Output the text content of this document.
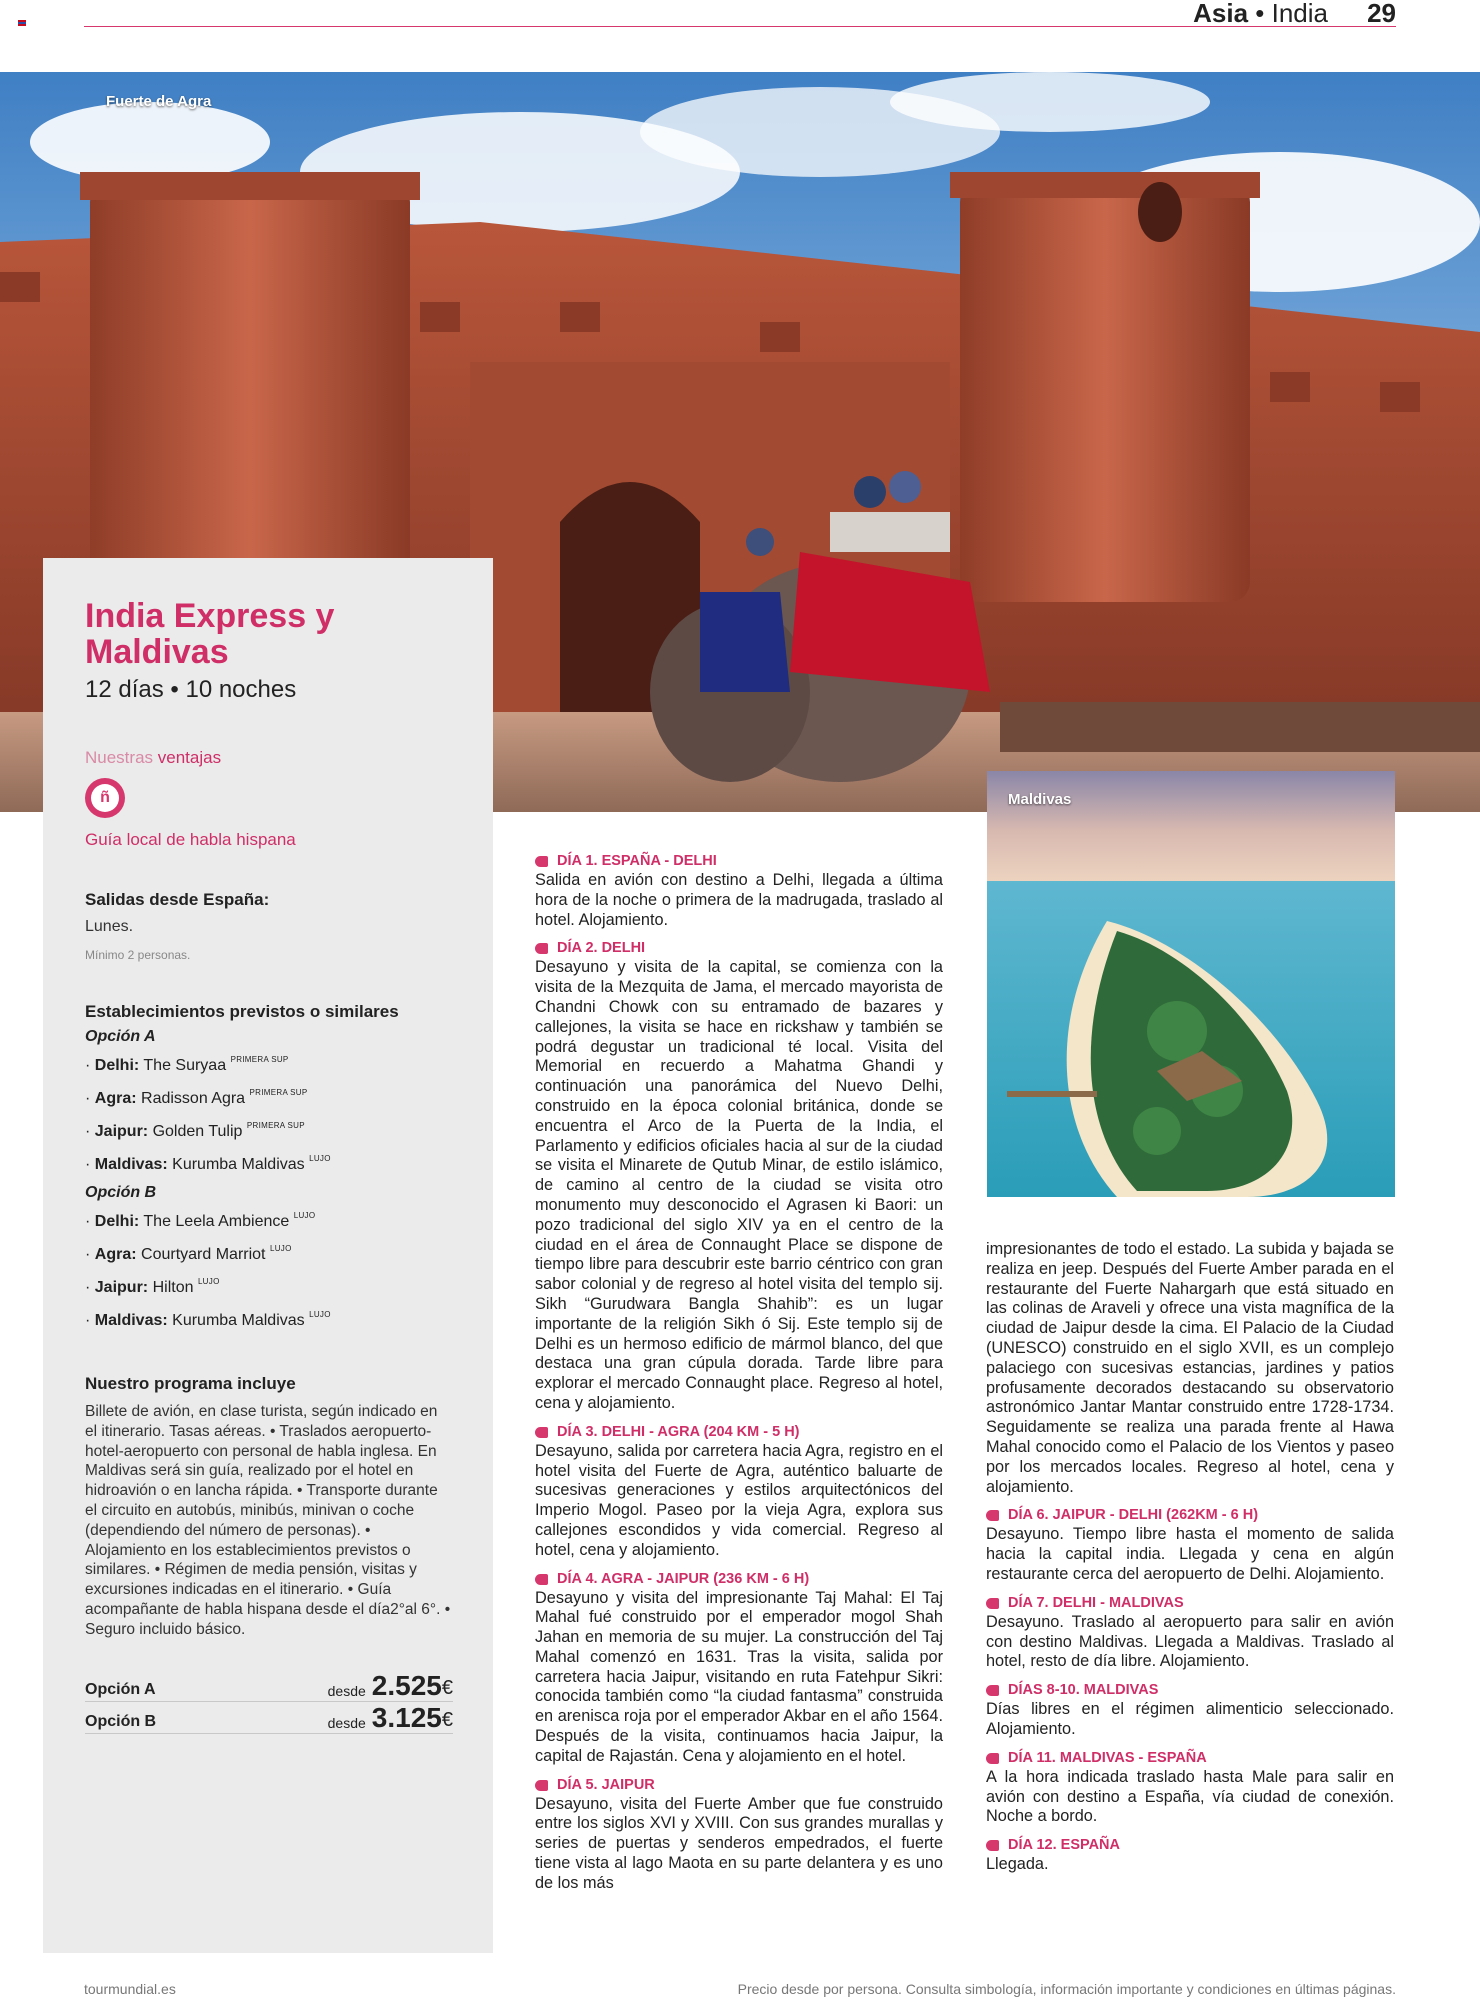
Asia • India 29
Fuerte de Agra
India Express y Maldivas
12 días • 10 noches
Nuestras ventajas
ñ
Guía local de habla hispana
Salidas desde España:
Lunes.
Mínimo 2 personas.
Establecimientos previstos o similares
Opción A
· Delhi: The Suryaa $^{PRIMERA SUP}$
· Agra: Radisson Agra $^{PRIMERA SUP}$
· Jaipur: Golden Tulip $^{PRIMERA SUP}$
· Maldivas: Kurumba Maldivas $^{LUJO}$
Opción B
· Delhi: The Leela Ambience $^{LUJO}$
· Agra: Courtyard Marriot $^{LUJO}$
· Jaipur: Hilton $^{LUJO}$
· Maldivas: Kurumba Maldivas $^{LUJO}$
Nuestro programa incluye
Billete de avión, en clase turista, según indicado en el itinerario. Tasas aéreas. • Traslados aeropuerto-hotel-aeropuerto con personal de habla inglesa. En Maldivas será sin guía, realizado por el hotel en hidroavión o en lancha rápida. • Transporte durante el circuito en autobús, minibús, minivan o coche (dependiendo del número de personas). • Alojamiento en los establecimientos previstos o similares. • Régimen de media pensión, visitas y excursiones indicadas en el itinerario. • Guía acompañante de habla hispana desde el día2°al 6°. • Seguro incluido básico.
Opción A	desde 2.525 €
Opción B	desde 3.125 €
Maldivas
DÍA 1. ESPAÑA - DELHI
Salida en avión con destino a Delhi, llegada a última hora de la noche o primera de la madrugada, traslado al hotel. Alojamiento.
DÍA 2. DELHI
Desayuno y visita de la capital, se comienza con la visita de la Mezquita de Jama, el mercado mayorista de Chandni Chowk con su entramado de bazares y callejones, la visita se hace en rickshaw y también se podrá degustar un tradicional té local. Visita del Memorial en recuerdo a Mahatma Ghandi y continuación una panorámica del Nuevo Delhi, construido en la época colonial británica, donde se encuentra el Arco de la Puerta de la India, el Parlamento y edificios oficiales hacia al sur de la ciudad se visita el Minarete de Qutub Minar, de estilo islámico, de camino al centro de la ciudad se visita otro monumento muy desconocido el Agrasen ki Baori: un pozo tradicional del siglo XIV ya en el centro de la ciudad en el área de Connaught Place se dispone de tiempo libre para descubrir este barrio céntrico con gran sabor colonial y de regreso al hotel visita del templo sij. Sikh “Gurudwara Bangla Shahib”: es un lugar importante de la religión Sikh ó Sij. Este templo sij de Delhi es un hermoso edificio de mármol blanco, del que destaca una gran cúpula dorada. Tarde libre para explorar el mercado Connaught place. Regreso al hotel, cena y alojamiento.
DÍA 3. DELHI - AGRA (204 KM - 5 H)
Desayuno, salida por carretera hacia Agra, registro en el hotel visita del Fuerte de Agra, auténtico baluarte de sucesivas generaciones y estilos arquitectónicos del Imperio Mogol. Paseo por la vieja Agra, explora sus callejones escondidos y vida comercial. Regreso al hotel, cena y alojamiento.
DÍA 4. AGRA - JAIPUR (236 KM - 6 H)
Desayuno y visita del impresionante Taj Mahal: El Taj Mahal fué construido por el emperador mogol Shah Jahan en memoria de su mujer. La construcción del Taj Mahal comenzó en 1631. Tras la visita, salida por carretera hacia Jaipur, visitando en ruta Fatehpur Sikri: conocida también como “la ciudad fantasma” construida en arenisca roja por el emperador Akbar en el año 1564. Después de la visita, continuamos hacia Jaipur, la capital de Rajastán. Cena y alojamiento en el hotel.
DÍA 5. JAIPUR
Desayuno, visita del Fuerte Amber que fue construido entre los siglos XVI y XVIII. Con sus grandes murallas y series de puertas y senderos empedrados, el fuerte tiene vista al lago Maota en su parte delantera y es uno de los más
impresionantes de todo el estado. La subida y bajada se realiza en jeep. Después del Fuerte Amber parada en el restaurante del Fuerte Nahargarh que está situado en las colinas de Araveli y ofrece una vista magnífica de la ciudad de Jaipur desde la cima. El Palacio de la Ciudad (UNESCO) construido en el siglo XVII, es un complejo palaciego con sucesivas estancias, jardines y patios profusamente decorados destacando su observatorio astronómico Jantar Mantar construido entre 1728-1734. Seguidamente se realiza una parada frente al Hawa Mahal conocido como el Palacio de los Vientos y paseo por los mercados locales. Regreso al hotel, cena y alojamiento.
DÍA 6. JAIPUR - DELHI (262KM - 6 H)
Desayuno. Tiempo libre hasta el momento de salida hacia la capital india. Llegada y cena en algún restaurante cerca del aeropuerto de Delhi. Alojamiento.
DÍA 7. DELHI - MALDIVAS
Desayuno. Traslado al aeropuerto para salir en avión con destino Maldivas. Llegada a Maldivas. Traslado al hotel, resto de día libre. Alojamiento.
DÍAS 8-10. MALDIVAS
Días libres en el régimen alimenticio seleccionado. Alojamiento.
DÍA 11. MALDIVAS - ESPAÑA
A la hora indicada traslado hasta Male para salir en avión con destino a España, vía ciudad de conexión. Noche a bordo.
DÍA 12. ESPAÑA
Llegada.
tourmundial.es	Precio desde por persona. Consulta simbología, información importante y condiciones en últimas páginas.
